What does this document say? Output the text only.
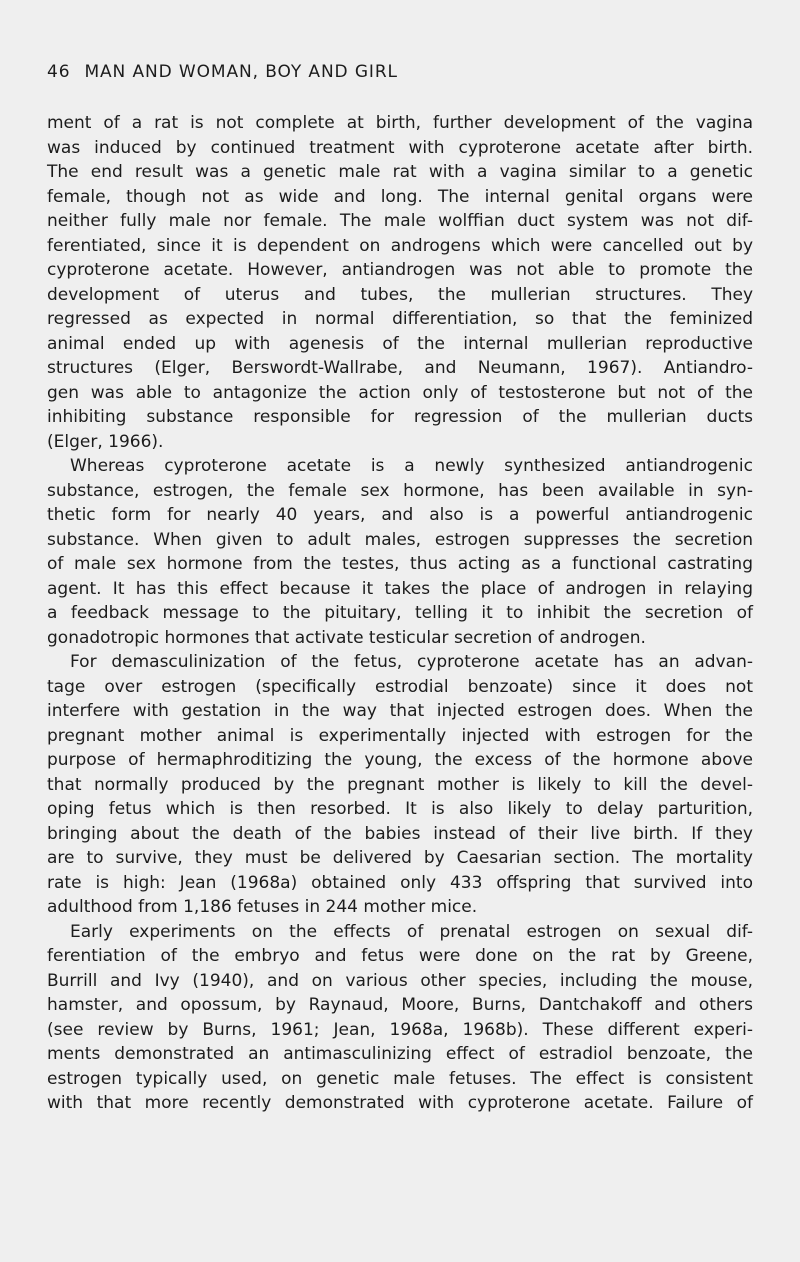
46 MAN AND WOMAN, BOY AND GIRL
ment of a rat is not complete at birth, further development of the vagina
was induced by continued treatment with cyproterone acetate after birth.
The end result was a genetic male rat with a vagina similar to a genetic
female, though not as wide and long. The internal genital organs were
neither fully male nor female. The male wolffian duct system was not dif-
ferentiated, since it is dependent on androgens which were cancelled out by
cyproterone acetate. However, antiandrogen was not able to promote the
development of uterus and tubes, the mullerian structures. They
regressed as expected in normal differentiation, so that the feminized
animal ended up with agenesis of the internal mullerian reproductive
structures (Elger, Berswordt-Wallrabe, and Neumann, 1967). Antiandro-
gen was able to antagonize the action only of testosterone but not of the
inhibiting substance responsible for regression of the mullerian ducts
(Elger, 1966).
Whereas cyproterone acetate is a newly synthesized antiandrogenic
substance, estrogen, the female sex hormone, has been available in syn-
thetic form for nearly 40 years, and also is a powerful antiandrogenic
substance. When given to adult males, estrogen suppresses the secretion
of male sex hormone from the testes, thus acting as a functional castrating
agent. It has this effect because it takes the place of androgen in relaying
a feedback message to the pituitary, telling it to inhibit the secretion of
gonadotropic hormones that activate testicular secretion of androgen.
For demasculinization of the fetus, cyproterone acetate has an advan-
tage over estrogen (specifically estrodial benzoate) since it does not
interfere with gestation in the way that injected estrogen does. When the
pregnant mother animal is experimentally injected with estrogen for the
purpose of hermaphroditizing the young, the excess of the hormone above
that normally produced by the pregnant mother is likely to kill the devel-
oping fetus which is then resorbed. It is also likely to delay parturition,
bringing about the death of the babies instead of their live birth. If they
are to survive, they must be delivered by Caesarian section. The mortality
rate is high: Jean (1968a) obtained only 433 offspring that survived into
adulthood from 1,186 fetuses in 244 mother mice.
Early experiments on the effects of prenatal estrogen on sexual dif-
ferentiation of the embryo and fetus were done on the rat by Greene,
Burrill and Ivy (1940), and on various other species, including the mouse,
hamster, and opossum, by Raynaud, Moore, Burns, Dantchakoff and others
(see review by Burns, 1961; Jean, 1968a, 1968b). These different experi-
ments demonstrated an antimasculinizing effect of estradiol benzoate, the
estrogen typically used, on genetic male fetuses. The effect is consistent
with that more recently demonstrated with cyproterone acetate. Failure of
